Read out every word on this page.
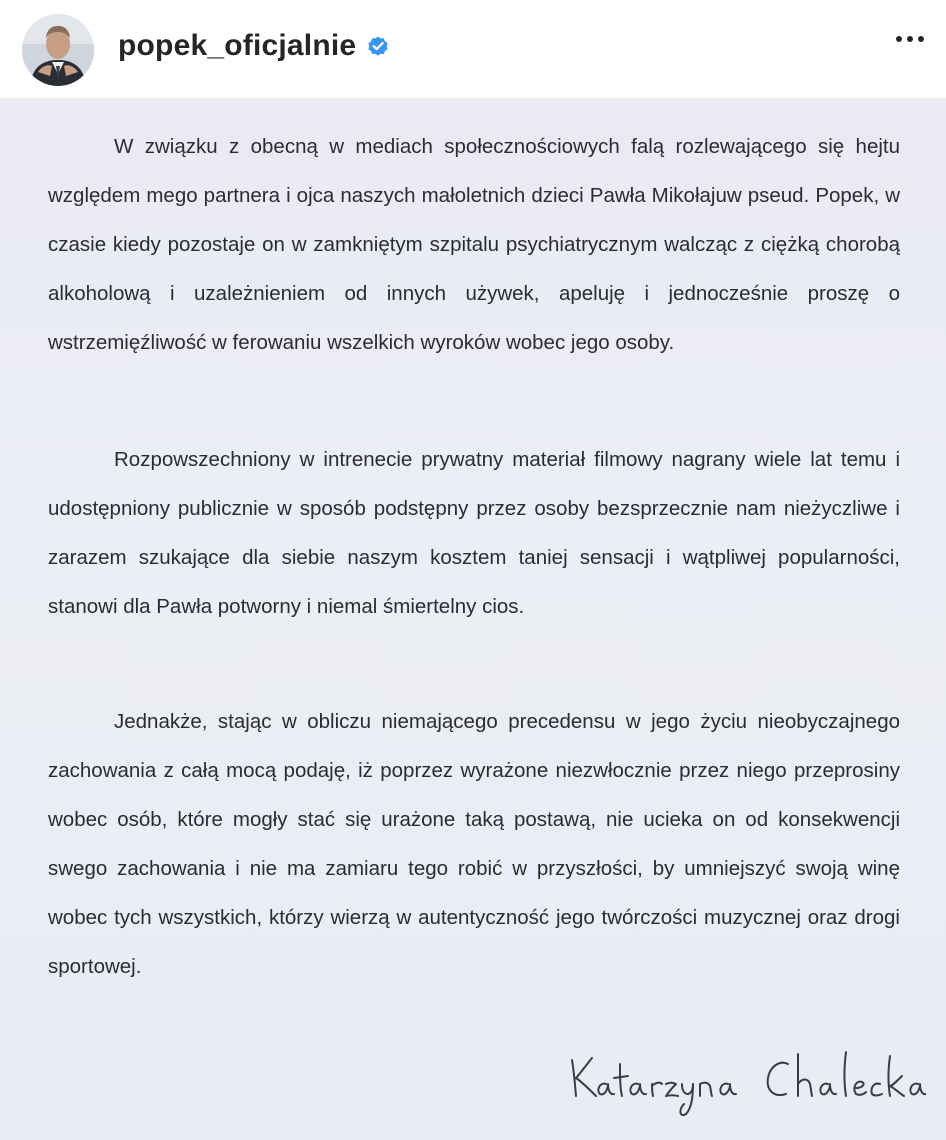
popek_oficjalnie

W związku z obecną w mediach społecznościowych falą rozlewającego się hejtu względem mego partnera i ojca naszych małoletnich dzieci Pawła Mikołajuw pseud. Popek, w czasie kiedy pozostaje on w zamkniętym szpitalu psychiatrycznym walcząc z ciężką chorobą alkoholową i uzależnieniem od innych używek, apeluję i jednocześnie proszę o wstrzemięźliwość w ferowaniu wszelkich wyroków wobec jego osoby.

Rozpowszechniony w intrenecie prywatny materiał filmowy nagrany wiele lat temu i udostępniony publicznie w sposób podstępny przez osoby bezsprzecznie nam nieżyczliwe i zarazem szukające dla siebie naszym kosztem taniej sensacji i wątpliwej popularności, stanowi dla Pawła potworny i niemal śmiertelny cios.

Jednakże, stając w obliczu niemającego precedensu w jego życiu nieobyczajnego zachowania z całą mocą podaję, iż poprzez wyrażone niezwłocznie przez niego przeprosiny wobec osób, które mogły stać się urażone taką postawą, nie ucieka on od konsekwencji swego zachowania i nie ma zamiaru tego robić w przyszłości, by umniejszyć swoją winę wobec tych wszystkich, którzy wierzą w autentyczność jego twórczości muzycznej oraz drogi sportowej.
